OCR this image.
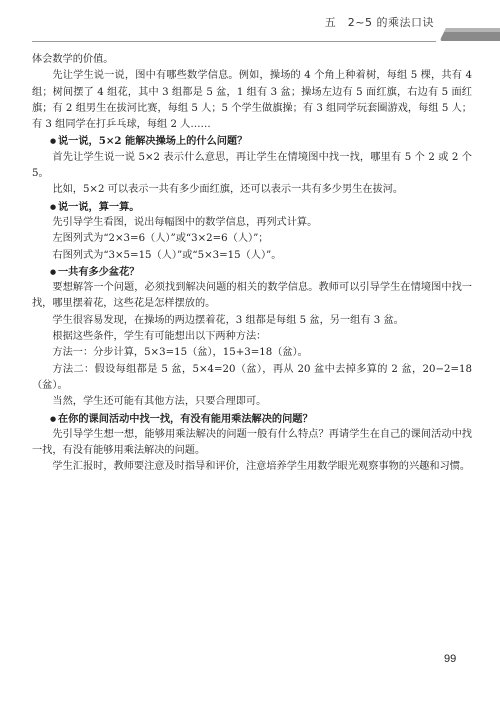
五　2~5 的乘法口诀

体会数学的价值。

先让学生说一说，图中有哪些数学信息。例如，操场的 4 个角上种着树，每组 5 棵，共有 4 组；树间摆了 4 组花，其中 3 组都是 5 盆，1 组有 3 盆；操场左边有 5 面红旗，右边有 5 面红旗；有 2 组男生在拔河比赛，每组 5 人；5 个学生做旗操；有 3 组同学玩套圈游戏，每组 5 人；有 3 组同学在打乒乓球，每组 2 人……

● 说一说，5×2 能解决操场上的什么问题？

首先让学生说一说 5×2 表示什么意思，再让学生在情境图中找一找，哪里有 5 个 2 或 2 个 5。

比如，5×2 可以表示一共有多少面红旗，还可以表示一共有多少男生在拔河。

● 说一说，算一算。

先引导学生看图，说出每幅图中的数学信息，再列式计算。

左图列式为“2×3=6（人）”或“3×2=6（人）”；

右图列式为“3×5=15（人）”或“5×3=15（人）”。

● 一共有多少盆花？

要想解答一个问题，必须找到解决问题的相关的数学信息。教师可以引导学生在情境图中找一找，哪里摆着花，这些花是怎样摆放的。

学生很容易发现，在操场的两边摆着花，3 组都是每组 5 盆，另一组有 3 盆。

根据这些条件，学生有可能想出以下两种方法：

方法一：分步计算，5×3=15（盆），15+3=18（盆）。

方法二：假设每组都是 5 盆，5×4=20（盆），再从 20 盆中去掉多算的 2 盆，20−2=18（盆）。

当然，学生还可能有其他方法，只要合理即可。

● 在你的课间活动中找一找，有没有能用乘法解决的问题？

先引导学生想一想，能够用乘法解决的问题一般有什么特点？再请学生在自己的课间活动中找一找，有没有能够用乘法解决的问题。

学生汇报时，教师要注意及时指导和评价，注意培养学生用数学眼光观察事物的兴趣和习惯。

99
